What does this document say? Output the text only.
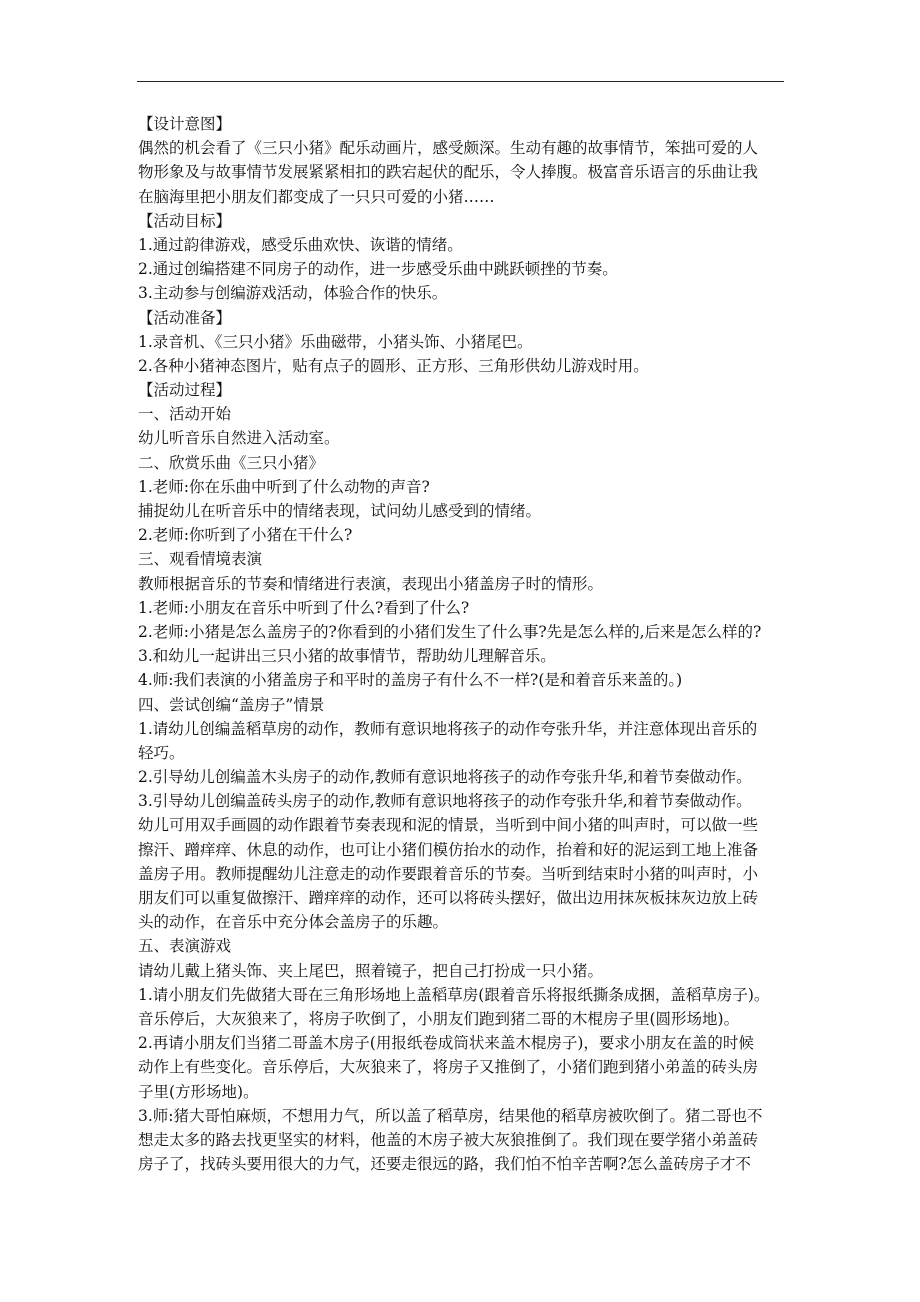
【设计意图】
偶然的机会看了《三只小猪》配乐动画片，感受颇深。生动有趣的故事情节，笨拙可爱的人
物形象及与故事情节发展紧紧相扣的跌宕起伏的配乐，令人捧腹。极富音乐语言的乐曲让我
在脑海里把小朋友们都变成了一只只可爱的小猪……
【活动目标】
1.通过韵律游戏，感受乐曲欢快、诙谐的情绪。
2.通过创编搭建不同房子的动作，进一步感受乐曲中跳跃顿挫的节奏。
3.主动参与创编游戏活动，体验合作的快乐。
【活动准备】
1.录音机、《三只小猪》乐曲磁带，小猪头饰、小猪尾巴。
2.各种小猪神态图片，贴有点子的圆形、正方形、三角形供幼儿游戏时用。
【活动过程】
一、活动开始
幼儿听音乐自然进入活动室。
二、欣赏乐曲《三只小猪》
1.老师:你在乐曲中听到了什么动物的声音?
捕捉幼儿在听音乐中的情绪表现，试问幼儿感受到的情绪。
2.老师:你听到了小猪在干什么?
三、观看情境表演
教师根据音乐的节奏和情绪进行表演，表现出小猪盖房子时的情形。
1.老师:小朋友在音乐中听到了什么?看到了什么?
2.老师:小猪是怎么盖房子的?你看到的小猪们发生了什么事?先是怎么样的,后来是怎么样的?
3.和幼儿一起讲出三只小猪的故事情节，帮助幼儿理解音乐。
4.师:我们表演的小猪盖房子和平时的盖房子有什么不一样?(是和着音乐来盖的。)
四、尝试创编“盖房子”情景
1.请幼儿创编盖稻草房的动作，教师有意识地将孩子的动作夸张升华，并注意体现出音乐的
轻巧。
2.引导幼儿创编盖木头房子的动作,教师有意识地将孩子的动作夸张升华,和着节奏做动作。
3.引导幼儿创编盖砖头房子的动作,教师有意识地将孩子的动作夸张升华,和着节奏做动作。
幼儿可用双手画圆的动作跟着节奏表现和泥的情景，当听到中间小猪的叫声时，可以做一些
擦汗、蹭痒痒、休息的动作，也可让小猪们模仿抬水的动作，抬着和好的泥运到工地上准备
盖房子用。教师提醒幼儿注意走的动作要跟着音乐的节奏。当听到结束时小猪的叫声时，小
朋友们可以重复做擦汗、蹭痒痒的动作，还可以将砖头摆好，做出边用抹灰板抹灰边放上砖
头的动作，在音乐中充分体会盖房子的乐趣。
五、表演游戏
请幼儿戴上猪头饰、夹上尾巴，照着镜子，把自己打扮成一只小猪。
1.请小朋友们先做猪大哥在三角形场地上盖稻草房(跟着音乐将报纸撕条成捆，盖稻草房子)。
音乐停后，大灰狼来了，将房子吹倒了，小朋友们跑到猪二哥的木棍房子里(圆形场地)。
2.再请小朋友们当猪二哥盖木房子(用报纸卷成筒状来盖木棍房子)，要求小朋友在盖的时候
动作上有些变化。音乐停后，大灰狼来了，将房子又推倒了，小猪们跑到猪小弟盖的砖头房
子里(方形场地)。
3.师:猪大哥怕麻烦，不想用力气，所以盖了稻草房，结果他的稻草房被吹倒了。猪二哥也不
想走太多的路去找更坚实的材料，他盖的木房子被大灰狼推倒了。我们现在要学猪小弟盖砖
房子了，找砖头要用很大的力气，还要走很远的路，我们怕不怕辛苦啊?怎么盖砖房子才不
